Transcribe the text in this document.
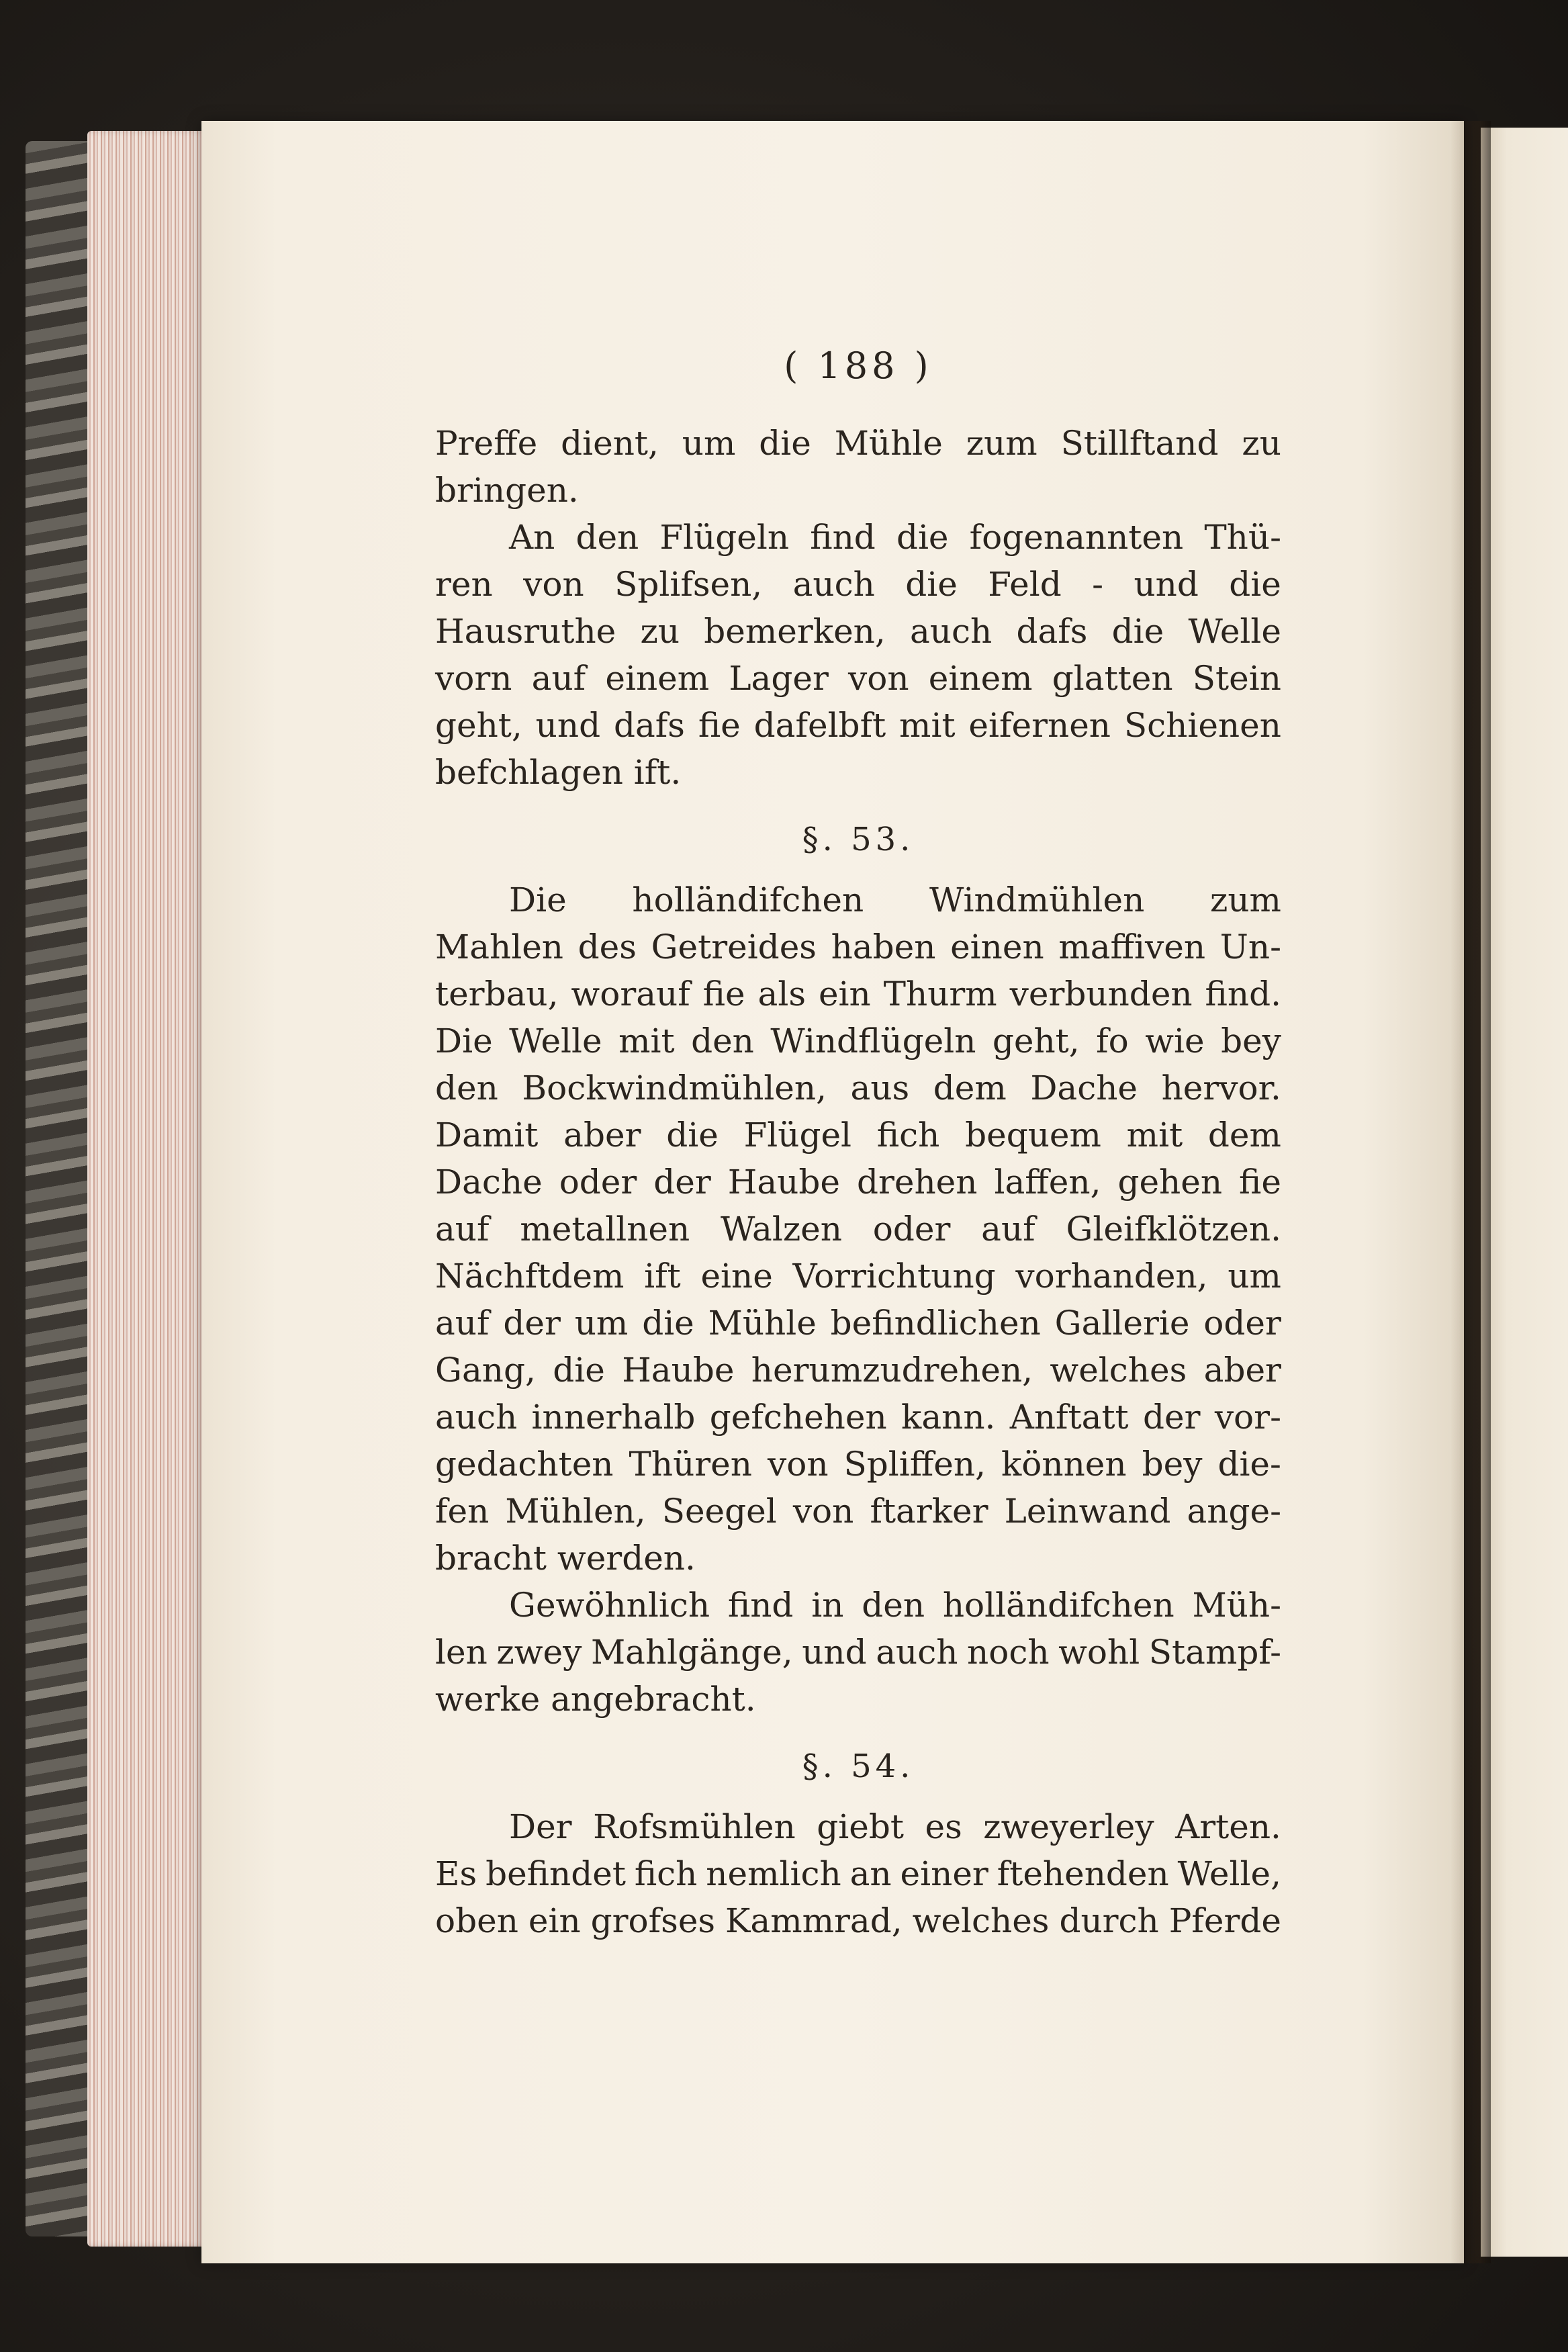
( 188 )
Preffe dient, um die Mühle zum Stillftand zu
bringen.
An den Flügeln find die fogenannten Thü-
ren von Splifsen, auch die Feld - und die
Hausruthe zu bemerken, auch dafs die Welle
vorn auf einem Lager von einem glatten Stein
geht, und dafs fie dafelbft mit eifernen Schienen
befchlagen ift.
§. 53.
Die holländifchen Windmühlen zum
Mahlen des Getreides haben einen maffiven Un-
terbau, worauf fie als ein Thurm verbunden find.
Die Welle mit den Windflügeln geht, fo wie bey
den Bockwindmühlen, aus dem Dache hervor.
Damit aber die Flügel fich bequem mit dem
Dache oder der Haube drehen laffen, gehen fie
auf metallnen Walzen oder auf Gleifklötzen.
Nächftdem ift eine Vorrichtung vorhanden, um
auf der um die Mühle befindlichen Gallerie oder
Gang, die Haube herumzudrehen, welches aber
auch innerhalb gefchehen kann. Anftatt der vor-
gedachten Thüren von Spliffen, können bey die-
fen Mühlen, Seegel von ftarker Leinwand ange-
bracht werden.
Gewöhnlich find in den holländifchen Müh-
len zwey Mahlgänge, und auch noch wohl Stampf-
werke angebracht.
§. 54.
Der Rofsmühlen giebt es zweyerley Arten.
Es befindet fich nemlich an einer ftehenden Welle,
oben ein grofses Kammrad, welches durch Pferde
